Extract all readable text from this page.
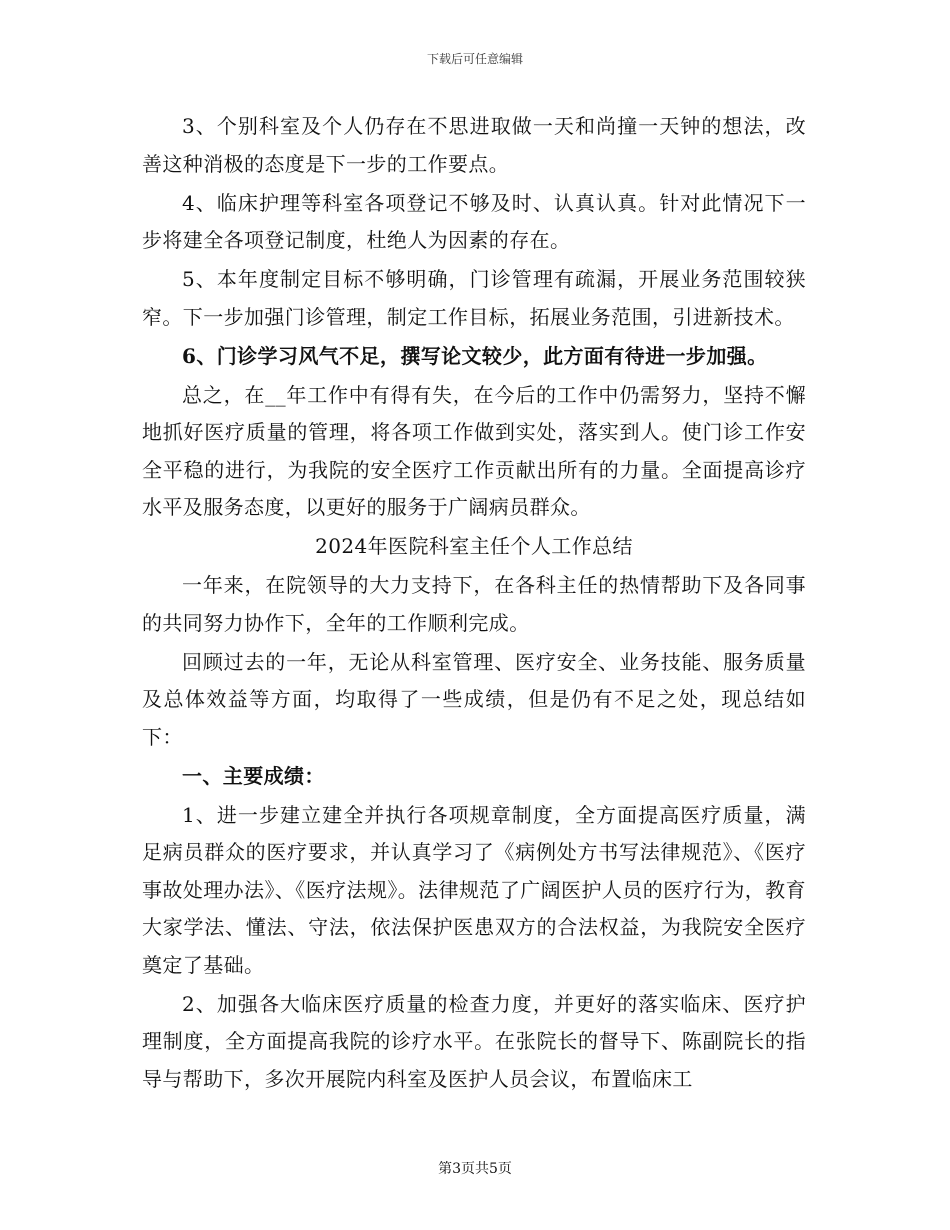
下载后可任意编辑

3、个别科室及个人仍存在不思进取做一天和尚撞一天钟的想法，改善这种消极的态度是下一步的工作要点。

4、临床护理等科室各项登记不够及时、认真认真。针对此情况下一步将建全各项登记制度，杜绝人为因素的存在。

5、本年度制定目标不够明确，门诊管理有疏漏，开展业务范围较狭窄。下一步加强门诊管理，制定工作目标，拓展业务范围，引进新技术。

6、门诊学习风气不足，撰写论文较少，此方面有待进一步加强。

总之，在__年工作中有得有失，在今后的工作中仍需努力，坚持不懈地抓好医疗质量的管理，将各项工作做到实处，落实到人。使门诊工作安全平稳的进行，为我院的安全医疗工作贡献出所有的力量。全面提高诊疗水平及服务态度，以更好的服务于广阔病员群众。

2024年医院科室主任个人工作总结

一年来，在院领导的大力支持下，在各科主任的热情帮助下及各同事的共同努力协作下，全年的工作顺利完成。

回顾过去的一年，无论从科室管理、医疗安全、业务技能、服务质量及总体效益等方面，均取得了一些成绩，但是仍有不足之处，现总结如下：

一、主要成绩：

1、进一步建立建全并执行各项规章制度，全方面提高医疗质量，满足病员群众的医疗要求，并认真学习了《病例处方书写法律规范》、《医疗事故处理办法》、《医疗法规》。法律规范了广阔医护人员的医疗行为，教育大家学法、懂法、守法，依法保护医患双方的合法权益，为我院安全医疗奠定了基础。

2、加强各大临床医疗质量的检查力度，并更好的落实临床、医疗护理制度，全方面提高我院的诊疗水平。在张院长的督导下、陈副院长的指导与帮助下，多次开展院内科室及医护人员会议，布置临床工

第3页共5页
